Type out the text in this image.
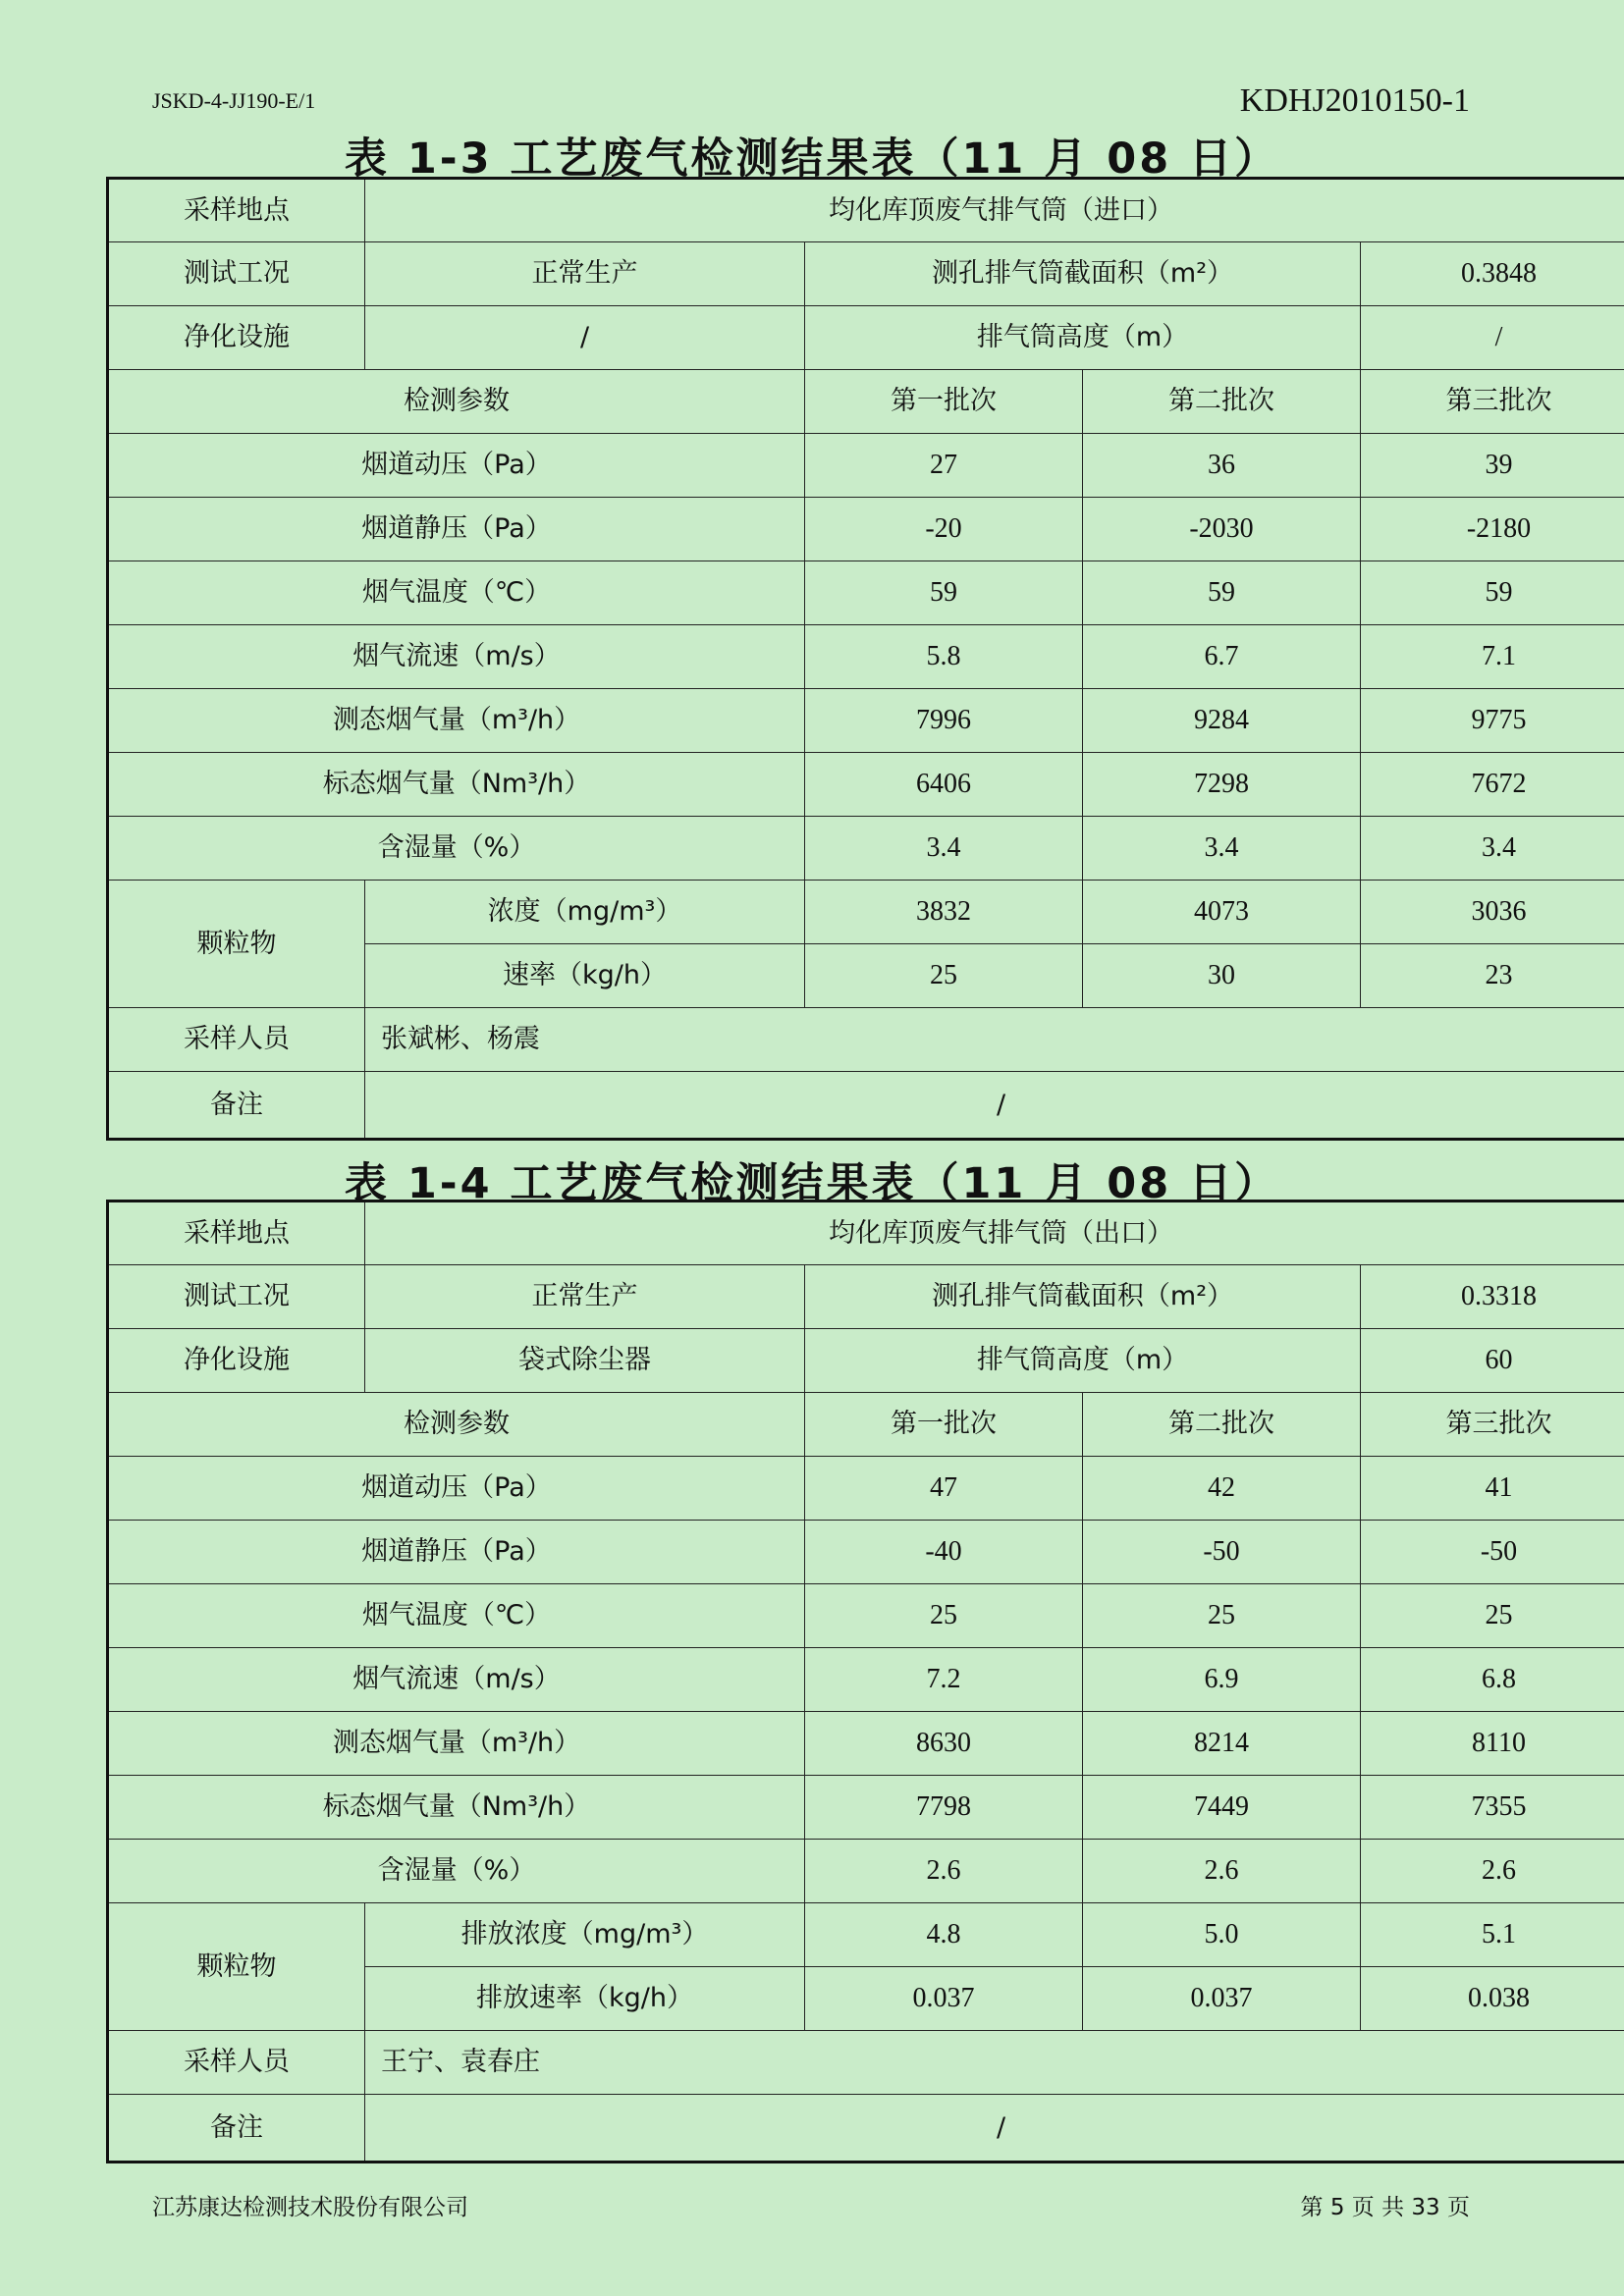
JSKD-4-JJ190-E/1	KDHJ2010150-1
表 1-3 工艺废气检测结果表（11 月 08 日）
采样地点	均化库顶废气排气筒（进口）			
测试工况	正常生产	测孔排气筒截面积（m²）		0.3848
净化设施	/	排气筒高度（m）		/
检测参数		第一批次	第二批次	第三批次
烟道动压（Pa）		27	36	39
烟道静压（Pa）		-20	-2030	-2180
烟气温度（℃）		59	59	59
烟气流速（m/s）		5.8	6.7	7.1
测态烟气量（m³/h）		7996	9284	9775
标态烟气量（Nm³/h）		6406	7298	7672
含湿量（%）		3.4	3.4	3.4
颗粒物	浓度（mg/m³）	3832	4073	3036
	速率（kg/h）	25	30	23
采样人员	张斌彬、杨震			
备注	/			
表 1-4 工艺废气检测结果表（11 月 08 日）
采样地点	均化库顶废气排气筒（出口）			
测试工况	正常生产	测孔排气筒截面积（m²）		0.3318
净化设施	袋式除尘器	排气筒高度（m）		60
检测参数		第一批次	第二批次	第三批次
烟道动压（Pa）		47	42	41
烟道静压（Pa）		-40	-50	-50
烟气温度（℃）		25	25	25
烟气流速（m/s）		7.2	6.9	6.8
测态烟气量（m³/h）		8630	8214	8110
标态烟气量（Nm³/h）		7798	7449	7355
含湿量（%）		2.6	2.6	2.6
颗粒物	排放浓度（mg/m³）	4.8	5.0	5.1
	排放速率（kg/h）	0.037	0.037	0.038
采样人员	王宁、袁春庄			
备注	/			
江苏康达检测技术股份有限公司	第 5 页 共 33 页
